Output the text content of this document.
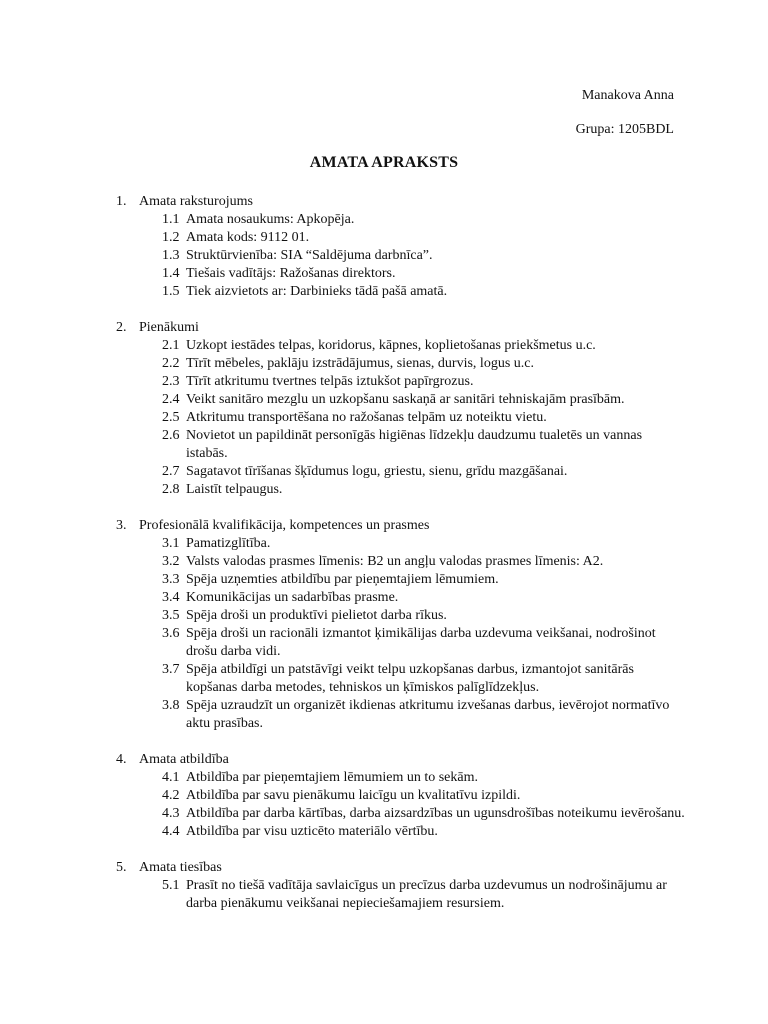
Manakova Anna
Grupa: 1205BDL
AMATA APRAKSTS
1. Amata raksturojums
1.1 Amata nosaukums: Apkopēja.
1.2 Amata kods: 9112 01.
1.3 Struktūrvienība: SIA “Saldējuma darbnīca”.
1.4 Tiešais vadītājs: Ražošanas direktors.
1.5 Tiek aizvietots ar: Darbinieks tādā pašā amatā.
2. Pienākumi
2.1 Uzkopt iestādes telpas, koridorus, kāpnes, koplietošanas priekšmetus u.c.
2.2 Tīrīt mēbeles, paklāju izstrādājumus, sienas, durvis, logus u.c.
2.3 Tīrīt atkritumu tvertnes telpās iztukšot papīrgrozus.
2.4 Veikt sanitāro mezglu un uzkopšanu saskaņā ar sanitāri tehniskajām prasībām.
2.5 Atkritumu transportēšana no ražošanas telpām uz noteiktu vietu.
2.6 Novietot un papildināt personīgās higiēnas līdzekļu daudzumu tualetēs un vannas istabās.
2.7 Sagatavot tīrīšanas šķīdumus logu, griestu, sienu, grīdu mazgāšanai.
2.8 Laistīt telpaugus.
3. Profesionālā kvalifikācija, kompetences un prasmes
3.1 Pamatizglītība.
3.2 Valsts valodas prasmes līmenis: B2 un angļu valodas prasmes līmenis: A2.
3.3 Spēja uzņemties atbildību par pieņemtajiem lēmumiem.
3.4 Komunikācijas un sadarbības prasme.
3.5 Spēja droši un produktīvi pielietot darba rīkus.
3.6 Spēja droši un racionāli izmantot ķimikālijas darba uzdevuma veikšanai, nodrošinot drošu darba vidi.
3.7 Spēja atbildīgi un patstāvīgi veikt telpu uzkopšanas darbus, izmantojot sanitārās kopšanas darba metodes, tehniskos un ķīmiskos palīglīdzekļus.
3.8 Spēja uzraudzīt un organizēt ikdienas atkritumu izvešanas darbus, ievērojot normatīvo aktu prasības.
4. Amata atbildība
4.1 Atbildība par pieņemtajiem lēmumiem un to sekām.
4.2 Atbildība par savu pienākumu laicīgu un kvalitatīvu izpildi.
4.3 Atbildība par darba kārtības, darba aizsardzības un ugunsdrošības noteikumu ievērošanu.
4.4 Atbildība par visu uzticēto materiālo vērtību.
5. Amata tiesības
5.1 Prasīt no tiešā vadītāja savlaicīgus un precīzus darba uzdevumus un nodrošinājumu ar darba pienākumu veikšanai nepieciešamajiem resursiem.
